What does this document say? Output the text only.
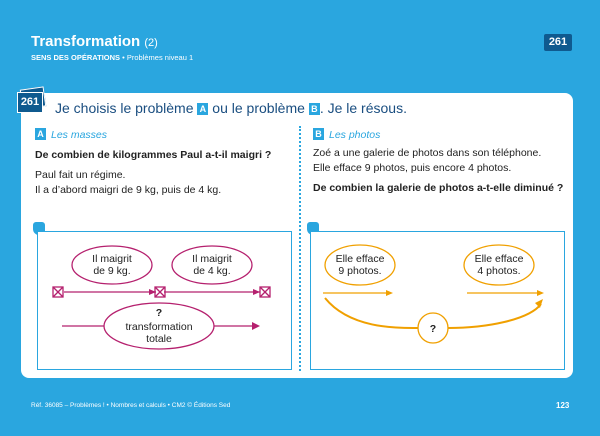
Transformation (2)
SENS DES OPÉRATIONS • Problèmes niveau 1
261
261 Je choisis le problème A ou le problème B . Je le résous.
A Les masses
De combien de kilogrammes Paul a-t-il maigri ?
Paul fait un régime.
Il a d’abord maigri de 9 kg, puis de 4 kg.
B Les photos
Zoé a une galerie de photos dans son téléphone.
Elle efface 9 photos, puis encore 4 photos.
De combien la galerie de photos a-t-elle diminué ?
Il maigrit
de 9 kg.
Il maigrit
de 4 kg.
?
transformation
totale
Elle efface
9 photos.
Elle efface
4 photos.
?
Réf. 36085 – Problèmes ! • Nombres et calculs • CM2 © Éditions Sed	123
